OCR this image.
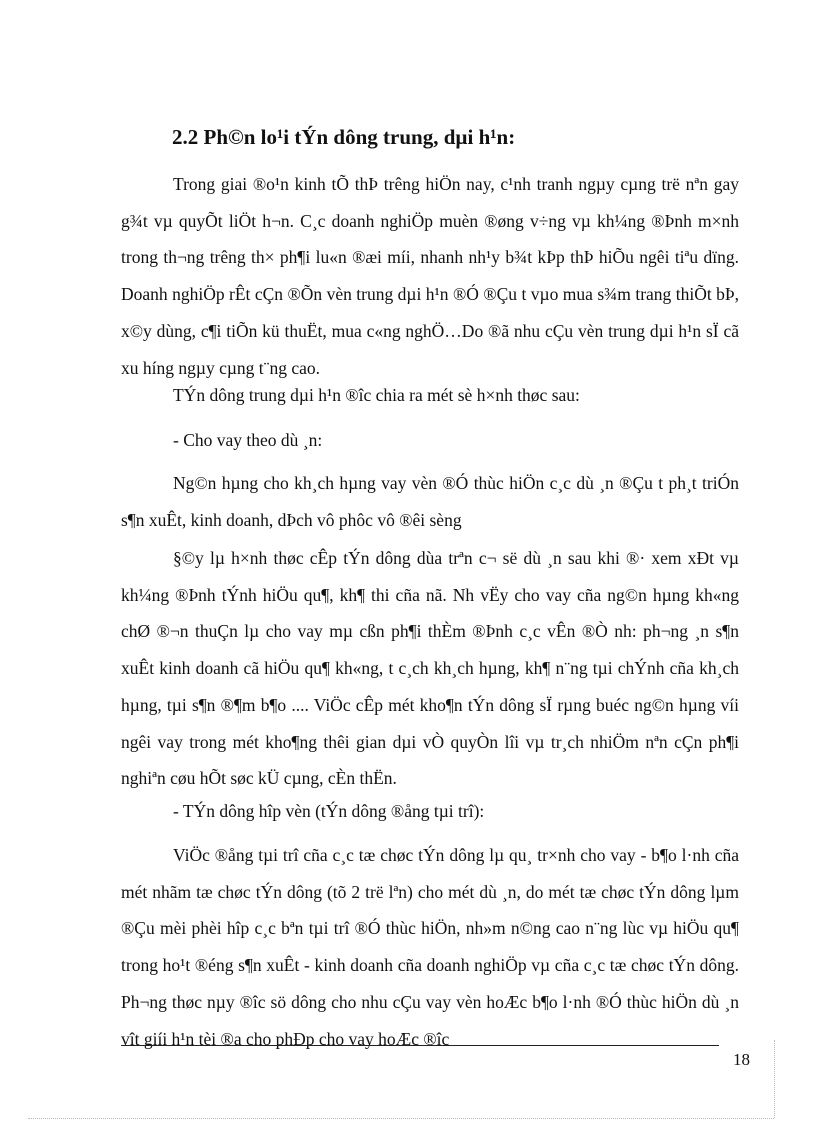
2.2 Ph©n lo¹i tÝn dông trung, dµi h¹n:
Trong giai ®o¹n kinh tÕ thÞ trêng hiÖn nay, c¹nh tranh ngµy cµng trë nªn gay g¾t vµ quyÕt liÖt h¬n. C¸c doanh nghiÖp muèn ®øng v÷ng vµ kh¼ng ®Þnh m×nh trong th¬ng trêng th× ph¶i lu«n ®æi míi, nhanh nh¹y b¾t kÞp thÞ hiÕu ngêi tiªu dïng. Doanh nghiÖp rÊt cÇn ®Õn vèn trung dµi h¹n ®Ó ®Çu t vµo mua s¾m trang thiÕt bÞ, x©y dùng, c¶i tiÕn kü thuËt, mua c«ng nghÖ…Do ®ã nhu cÇu vèn trung dµi h¹n sÏ cã xu híng ngµy cµng t¨ng cao.
TÝn dông trung dµi h¹n ®îc chia ra mét sè h×nh thøc sau:
- Cho vay theo dù ¸n:
Ng©n hµng cho kh¸ch hµng vay vèn ®Ó thùc hiÖn c¸c dù ¸n ®Çu t ph¸t triÓn s¶n xuÊt, kinh doanh, dÞch vô phôc vô ®êi sèng
§©y lµ h×nh thøc cÊp tÝn dông dùa trªn c¬ së dù ¸n sau khi ®· xem xÐt vµ kh¼ng ®Þnh tÝnh hiÖu qu¶, kh¶ thi cña nã. Nh vËy cho vay cña ng©n hµng kh«ng chØ ®¬n thuÇn lµ cho vay mµ cßn ph¶i thÈm ®Þnh c¸c vÊn ®Ò nh: ph¬ng ¸n s¶n xuÊt kinh doanh cã hiÖu qu¶ kh«ng, t c¸ch kh¸ch hµng, kh¶ n¨ng tµi chÝnh cña kh¸ch hµng, tµi s¶n ®¶m b¶o .... ViÖc cÊp mét kho¶n tÝn dông sÏ rµng buéc ng©n hµng víi ngêi vay trong mét kho¶ng thêi gian dµi vÒ quyÒn lîi vµ tr¸ch nhiÖm nªn cÇn ph¶i nghiªn cøu hÕt søc kÜ cµng, cÈn thËn.
- TÝn dông hîp vèn (tÝn dông ®ång tµi trî):
ViÖc ®ång tµi trî cña c¸c tæ chøc tÝn dông lµ qu¸ tr×nh cho vay - b¶o l·nh cña mét nhãm tæ chøc tÝn dông (tõ 2 trë lªn) cho mét dù ¸n, do mét tæ chøc tÝn dông lµm ®Çu mèi phèi hîp c¸c bªn tµi trî ®Ó thùc hiÖn, nh»m n©ng cao n¨ng lùc vµ hiÖu qu¶ trong ho¹t ®éng s¶n xuÊt - kinh doanh cña doanh nghiÖp vµ cña c¸c tæ chøc tÝn dông. Ph¬ng thøc nµy ®îc sö dông cho nhu cÇu vay vèn hoÆc b¶o l·nh ®Ó thùc hiÖn dù ¸n vît giíi h¹n tèi ®a cho phÐp cho vay hoÆc ®îc
18
